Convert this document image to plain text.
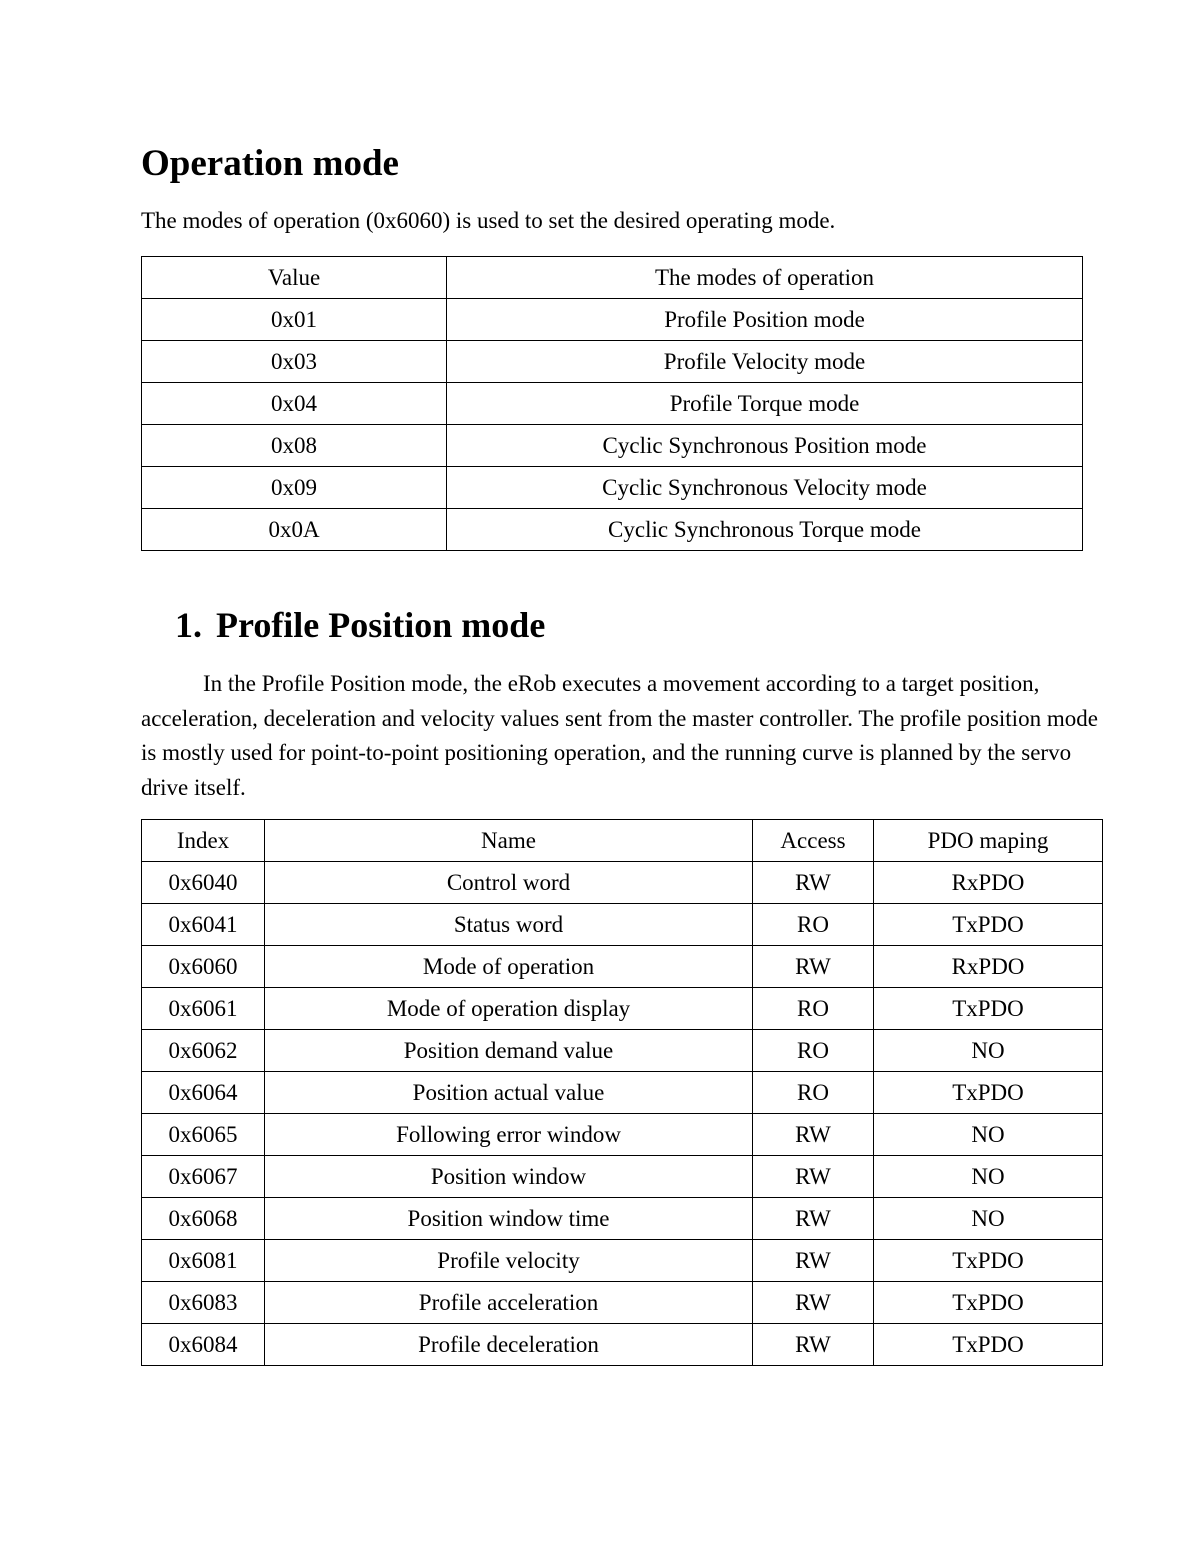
Operation mode

The modes of operation (0x6060) is used to set the desired operating mode.

Value	The modes of operation
0x01	Profile Position mode
0x03	Profile Velocity mode
0x04	Profile Torque mode
0x08	Cyclic Synchronous Position mode
0x09	Cyclic Synchronous Velocity mode
0x0A	Cyclic Synchronous Torque mode
1. Profile Position mode

In the Profile Position mode, the eRob executes a movement according to a target position, acceleration, deceleration and velocity values sent from the master controller. The profile position mode is mostly used for point-to-point positioning operation, and the running curve is planned by the servo drive itself.

Index	Name	Access	PDO maping
0x6040	Control word	RW	RxPDO
0x6041	Status word	RO	TxPDO
0x6060	Mode of operation	RW	RxPDO
0x6061	Mode of operation display	RO	TxPDO
0x6062	Position demand value	RO	NO
0x6064	Position actual value	RO	TxPDO
0x6065	Following error window	RW	NO
0x6067	Position window	RW	NO
0x6068	Position window time	RW	NO
0x6081	Profile velocity	RW	TxPDO
0x6083	Profile acceleration	RW	TxPDO
0x6084	Profile deceleration	RW	TxPDO
